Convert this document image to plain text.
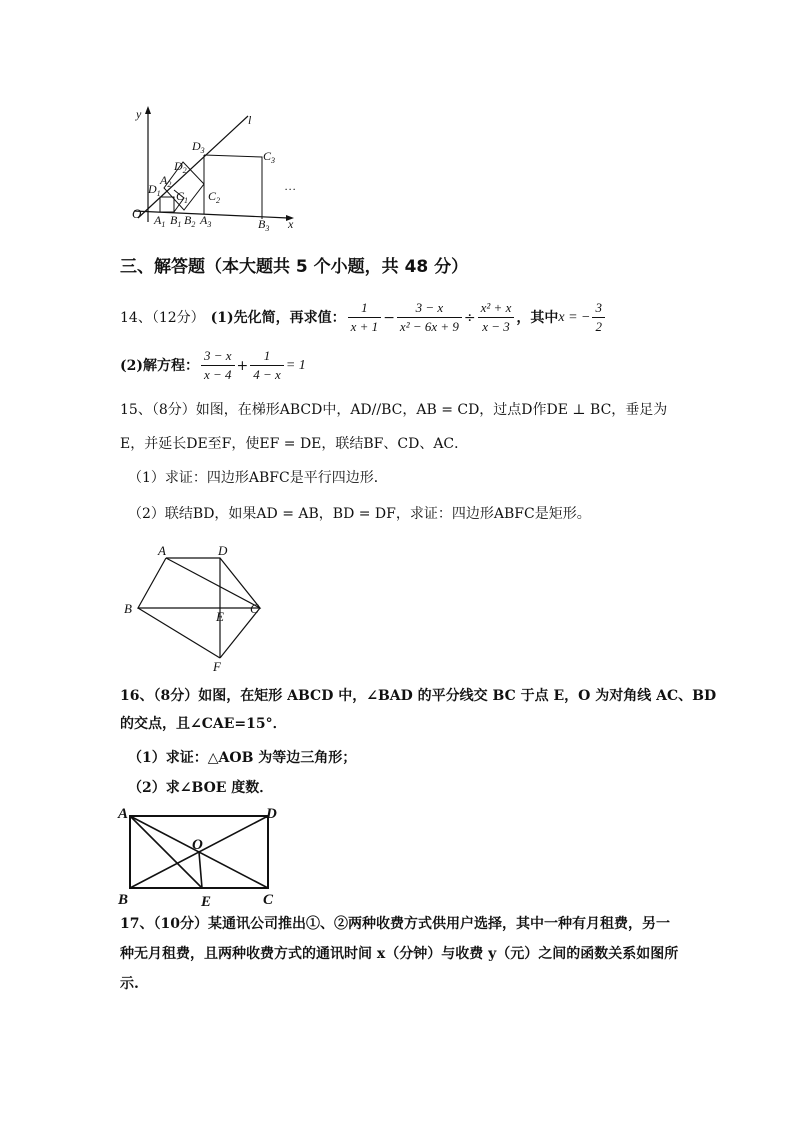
y
x
O
l
…
$D_1$
$A_2$
$D_2$
$D_3$
$C_1$ $C_2$
$C_3$
$A_1$ $B_1$ $B_2$ $A_3$	$B_3$
三、解答题（本大题共 5 个小题，共 48 分）
14、（12分） (1)先化简，再求值： $\frac{1}{x + 1} - \frac{3 - x}{\text{x² − 6x + 9}} \div \frac{\text{x² + x}}{x - 3}$ ，其中 x = − $\frac{3}{2}$
(2)解方程： $\frac{3 - x}{x - 4} + \frac{1}{4 - x} = 1$
15、（8分）如图，在梯形ABCD中，AD//BC，AB = CD，过点D作DE ⊥ BC，垂足为
E，并延长DE至F，使EF = DE，联结BF、CD、AC．
（1）求证：四边形ABFC是平行四边形．
（2）联结BD，如果AD = AB，BD = DF，求证：四边形ABFC是矩形。
A	D
B
E
C
F
16、（8分）如图，在矩形 ABCD 中，∠BAD 的平分线交 BC 于点 E，O 为对角线 AC、BD
的交点，且∠CAE=15°．
（1）求证：△AOB 为等边三角形；
（2）求∠BOE 度数．
A	D
O
B	E	C
17、（10分）某通讯公司推出①、②两种收费方式供用户选择，其中一种有月租费，另一
种无月租费，且两种收费方式的通讯时间 x（分钟）与收费 y（元）之间的函数关系如图所
示.
